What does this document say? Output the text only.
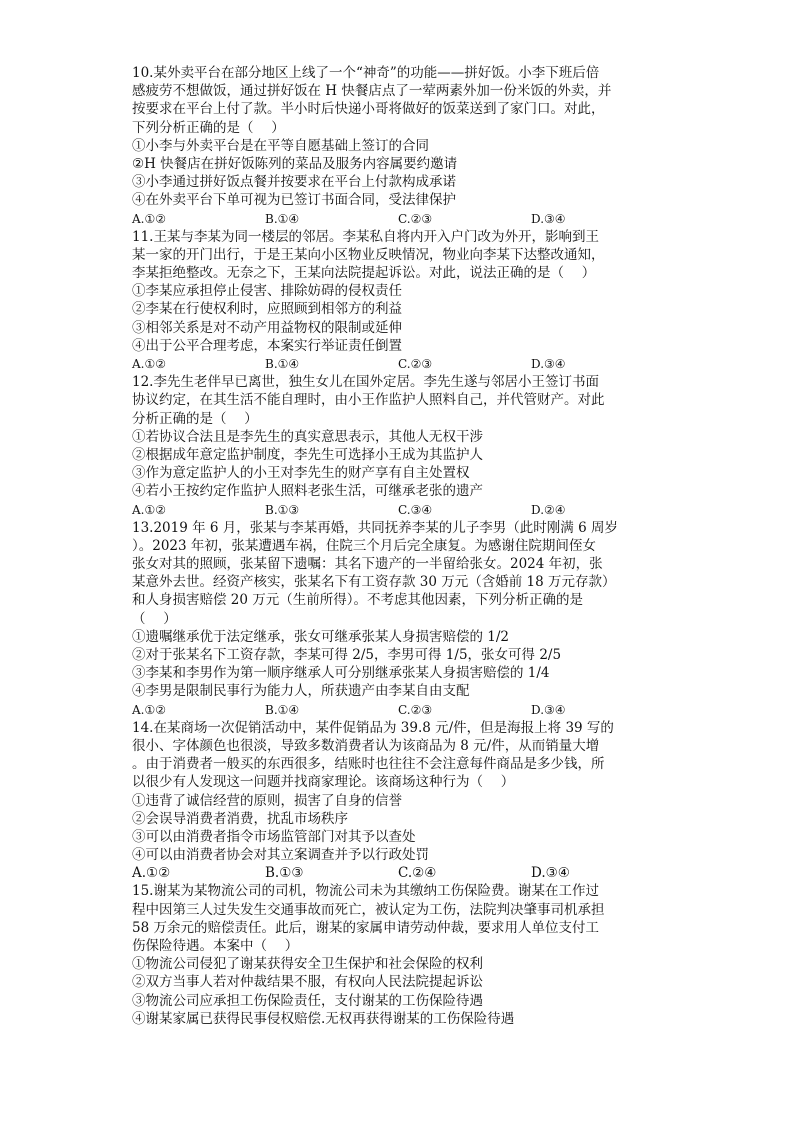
10.某外卖平台在部分地区上线了一个“神奇”的功能——拼好饭。小李下班后倍
感疲劳不想做饭，通过拼好饭在 H 快餐店点了一荤两素外加一份米饭的外卖，并
按要求在平台上付了款。半小时后快递小哥将做好的饭菜送到了家门口。对此，
下列分析正确的是（　 ）
①小李与外卖平台是在平等自愿基础上签订的合同
②H 快餐店在拼好饭陈列的菜品及服务内容属要约邀请
③小李通过拼好饭点餐并按要求在平台上付款构成承诺
④在外卖平台下单可视为已签订书面合同，受法律保护
A.①②	B.①④	C.②③	D.③④
11.王某与李某为同一楼层的邻居。李某私自将内开入户门改为外开，影响到王
某一家的开门出行，于是王某向小区物业反映情况，物业向李某下达整改通知，
李某拒绝整改。无奈之下，王某向法院提起诉讼。对此，说法正确的是（　 ）
①李某应承担停止侵害、排除妨碍的侵权责任
②李某在行使权利时，应照顾到相邻方的利益
③相邻关系是对不动产用益物权的限制或延伸
④出于公平合理考虑，本案实行举证责任倒置
A.①②	B.①④	C.②③	D.③④
12.李先生老伴早已离世，独生女儿在国外定居。李先生遂与邻居小王签订书面
协议约定，在其生活不能自理时，由小王作监护人照料自己，并代管财产。对此
分析正确的是（　 ）
①若协议合法且是李先生的真实意思表示，其他人无权干涉
②根据成年意定监护制度，李先生可选择小王成为其监护人
③作为意定监护人的小王对李先生的财产享有自主处置权
④若小王按约定作监护人照料老张生活，可继承老张的遗产
A.①②	B.①③	C.③④	D.②④
13.2019 年 6 月，张某与李某再婚，共同抚养李某的儿子李男（此时刚满 6 周岁
）。2023 年初，张某遭遇车祸，住院三个月后完全康复。为感谢住院期间侄女
张女对其的照顾，张某留下遗嘱：其名下遗产的一半留给张女。2024 年初，张
某意外去世。经资产核实，张某名下有工资存款 30 万元（含婚前 18 万元存款）
和人身损害赔偿 20 万元（生前所得）。不考虑其他因素，下列分析正确的是
（　 ）
①遗嘱继承优于法定继承，张女可继承张某人身损害赔偿的 1/2
②对于张某名下工资存款，李某可得 2/5，李男可得 1/5，张女可得 2/5
③李某和李男作为第一顺序继承人可分别继承张某人身损害赔偿的 1/4
④李男是限制民事行为能力人，所获遗产由李某自由支配
A.①②	B.①④	C.②③	D.③④
14.在某商场一次促销活动中，某件促销品为 39.8 元/件，但是海报上将 39 写的
很小、字体颜色也很淡，导致多数消费者认为该商品为 8 元/件，从而销量大增
。由于消费者一般买的东西很多，结账时也往往不会注意每件商品是多少钱，所
以很少有人发现这一问题并找商家理论。该商场这种行为（　 ）
①违背了诚信经营的原则，损害了自身的信誉
②会误导消费者消费，扰乱市场秩序
③可以由消费者指令市场监管部门对其予以查处
④可以由消费者协会对其立案调查并予以行政处罚
A.①②	B.①③	C.②④	D.③④
15.谢某为某物流公司的司机，物流公司未为其缴纳工伤保险费。谢某在工作过
程中因第三人过失发生交通事故而死亡，被认定为工伤，法院判决肇事司机承担
58 万余元的赔偿责任。此后，谢某的家属申请劳动仲裁，要求用人单位支付工
伤保险待遇。本案中（　 ）
①物流公司侵犯了谢某获得安全卫生保护和社会保险的权利
②双方当事人若对仲裁结果不服，有权向人民法院提起诉讼
③物流公司应承担工伤保险责任，支付谢某的工伤保险待遇
④谢某家属已获得民事侵权赔偿.无权再获得谢某的工伤保险待遇
